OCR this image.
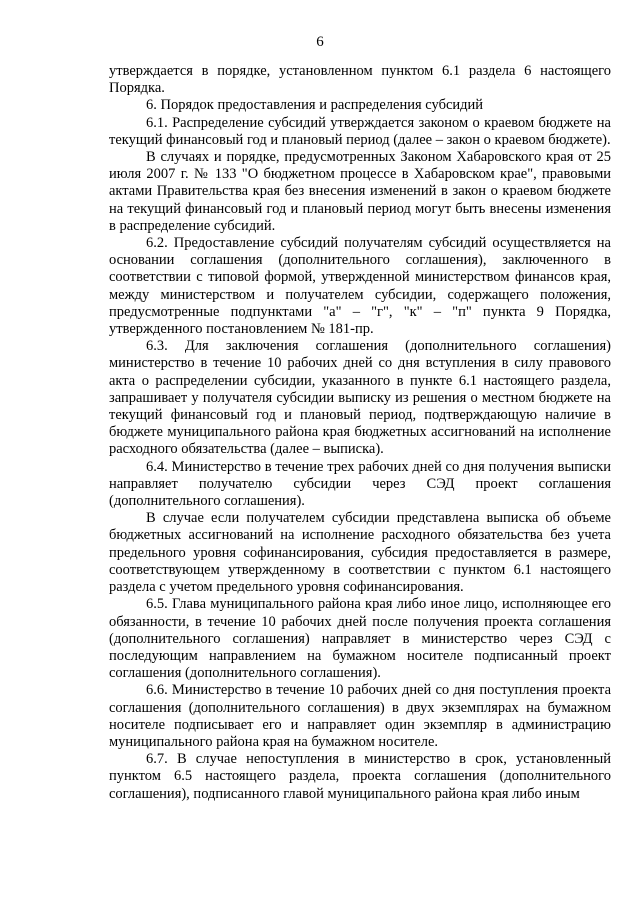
6

утверждается в порядке, установленном пунктом 6.1 раздела 6 настоящего Порядка.

6. Порядок предоставления и распределения субсидий

6.1. Распределение субсидий утверждается законом о краевом бюджете на текущий финансовый год и плановый период (далее – закон о краевом бюджете).

В случаях и порядке, предусмотренных Законом Хабаровского края от 25 июля 2007 г. № 133 "О бюджетном процессе в Хабаровском крае", правовыми актами Правительства края без внесения изменений в закон о краевом бюджете на текущий финансовый год и плановый период могут быть внесены изменения в распределение субсидий.

6.2. Предоставление субсидий получателям субсидий осуществляется на основании соглашения (дополнительного соглашения), заключенного в соответствии с типовой формой, утвержденной министерством финансов края, между министерством и получателем субсидии, содержащего положения, предусмотренные подпунктами "а" – "г", "к" – "п" пункта 9 Порядка, утвержденного постановлением № 181-пр.

6.3. Для заключения соглашения (дополнительного соглашения) министерство в течение 10 рабочих дней со дня вступления в силу правового акта о распределении субсидии, указанного в пункте 6.1 настоящего раздела, запрашивает у получателя субсидии выписку из решения о местном бюджете на текущий финансовый год и плановый период, подтверждающую наличие в бюджете муниципального района края бюджетных ассигнований на исполнение расходного обязательства (далее – выписка).

6.4. Министерство в течение трех рабочих дней со дня получения выписки направляет получателю субсидии через СЭД проект соглашения (дополнительного соглашения).

В случае если получателем субсидии представлена выписка об объеме бюджетных ассигнований на исполнение расходного обязательства без учета предельного уровня софинансирования, субсидия предоставляется в размере, соответствующем утвержденному в соответствии с пунктом 6.1 настоящего раздела с учетом предельного уровня софинансирования.

6.5. Глава муниципального района края либо иное лицо, исполняющее его обязанности, в течение 10 рабочих дней после получения проекта соглашения (дополнительного соглашения) направляет в министерство через СЭД с последующим направлением на бумажном носителе подписанный проект соглашения (дополнительного соглашения).

6.6. Министерство в течение 10 рабочих дней со дня поступления проекта соглашения (дополнительного соглашения) в двух экземплярах на бумажном носителе подписывает его и направляет один экземпляр в администрацию муниципального района края на бумажном носителе.

6.7. В случае непоступления в министерство в срок, установленный пунктом 6.5 настоящего раздела, проекта соглашения (дополнительного соглашения), подписанного главой муниципального района края либо иным
